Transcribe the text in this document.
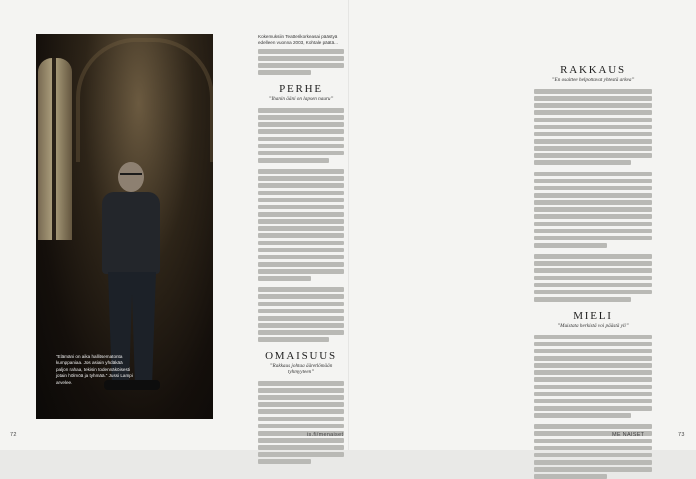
”Elämäni on aika hallitsematonta kumppaniaa. Jos asiain yhdäkää paljon rahaa, tekisin todennäköisesti jotain hölmöä ja tyhmää.” Jussi Lampi arvelee.
72
Kokemuksiin Teatterikorkeasai päästyä edelleen vuonna 2003, Kohtale päätä...
PERHE
”Ihanin ääni on lapsen nauru”
OMAISUUS
”Rakkaus johtaa ääretlömään tyhmyyteen”
is.fi/menaiset
RAKKAUS
”En osaittee helpottavat yhtestä arkea”
MIELI
”Muistata herkistä voi päästä yli”
ME NAISET	73
